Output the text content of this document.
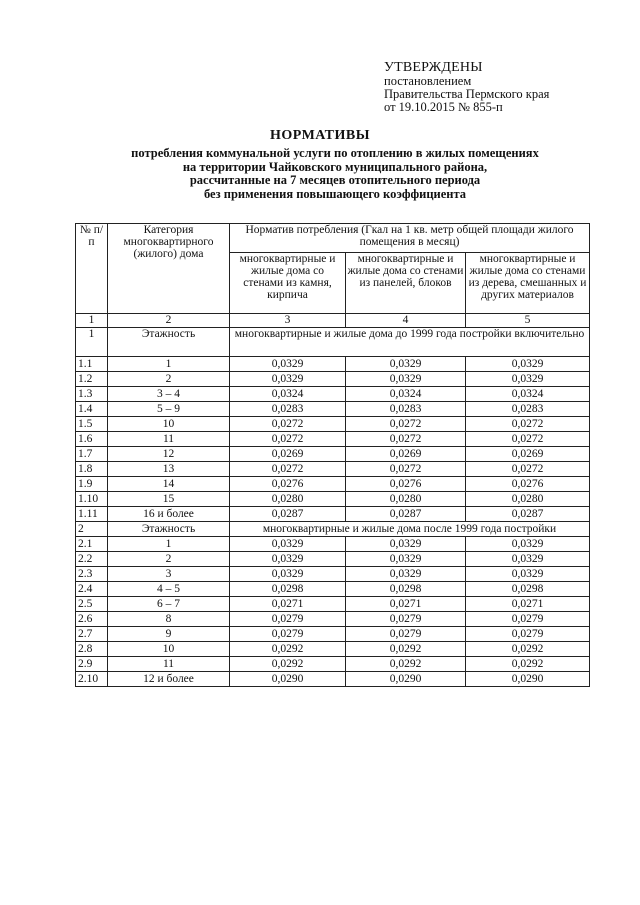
УТВЕРЖДЕНЫ
постановлением
Правительства Пермского края
от 19.10.2015 № 855-п
НОРМАТИВЫ
потребления коммунальной услуги по отоплению в жилых помещениях
на территории Чайковского муниципального района,
рассчитанные на 7 месяцев отопительного периода
без применения повышающего коэффициента
№ п/п	Категория многоквартирного (жилого) дома	Норматив потребления (Гкал на 1 кв. метр общей площади жилого помещения в месяц)		
		многоквартирные и жилые дома со стенами из камня, кирпича	многоквартирные и жилые дома со стенами из панелей, блоков	многоквартирные и жилые дома со стенами из дерева, смешанных и других материалов
1	2	3	4	5
1	Этажность	многоквартирные и жилые дома до 1999 года постройки включительно		
1.1	1	0,0329	0,0329	0,0329
1.2	2	0,0329	0,0329	0,0329
1.3	3 – 4	0,0324	0,0324	0,0324
1.4	5 – 9	0,0283	0,0283	0,0283
1.5	10	0,0272	0,0272	0,0272
1.6	11	0,0272	0,0272	0,0272
1.7	12	0,0269	0,0269	0,0269
1.8	13	0,0272	0,0272	0,0272
1.9	14	0,0276	0,0276	0,0276
1.10	15	0,0280	0,0280	0,0280
1.11	16 и более	0,0287	0,0287	0,0287
2	Этажность	многоквартирные и жилые дома после 1999 года постройки		
2.1	1	0,0329	0,0329	0,0329
2.2	2	0,0329	0,0329	0,0329
2.3	3	0,0329	0,0329	0,0329
2.4	4 – 5	0,0298	0,0298	0,0298
2.5	6 – 7	0,0271	0,0271	0,0271
2.6	8	0,0279	0,0279	0,0279
2.7	9	0,0279	0,0279	0,0279
2.8	10	0,0292	0,0292	0,0292
2.9	11	0,0292	0,0292	0,0292
2.10	12 и более	0,0290	0,0290	0,0290
